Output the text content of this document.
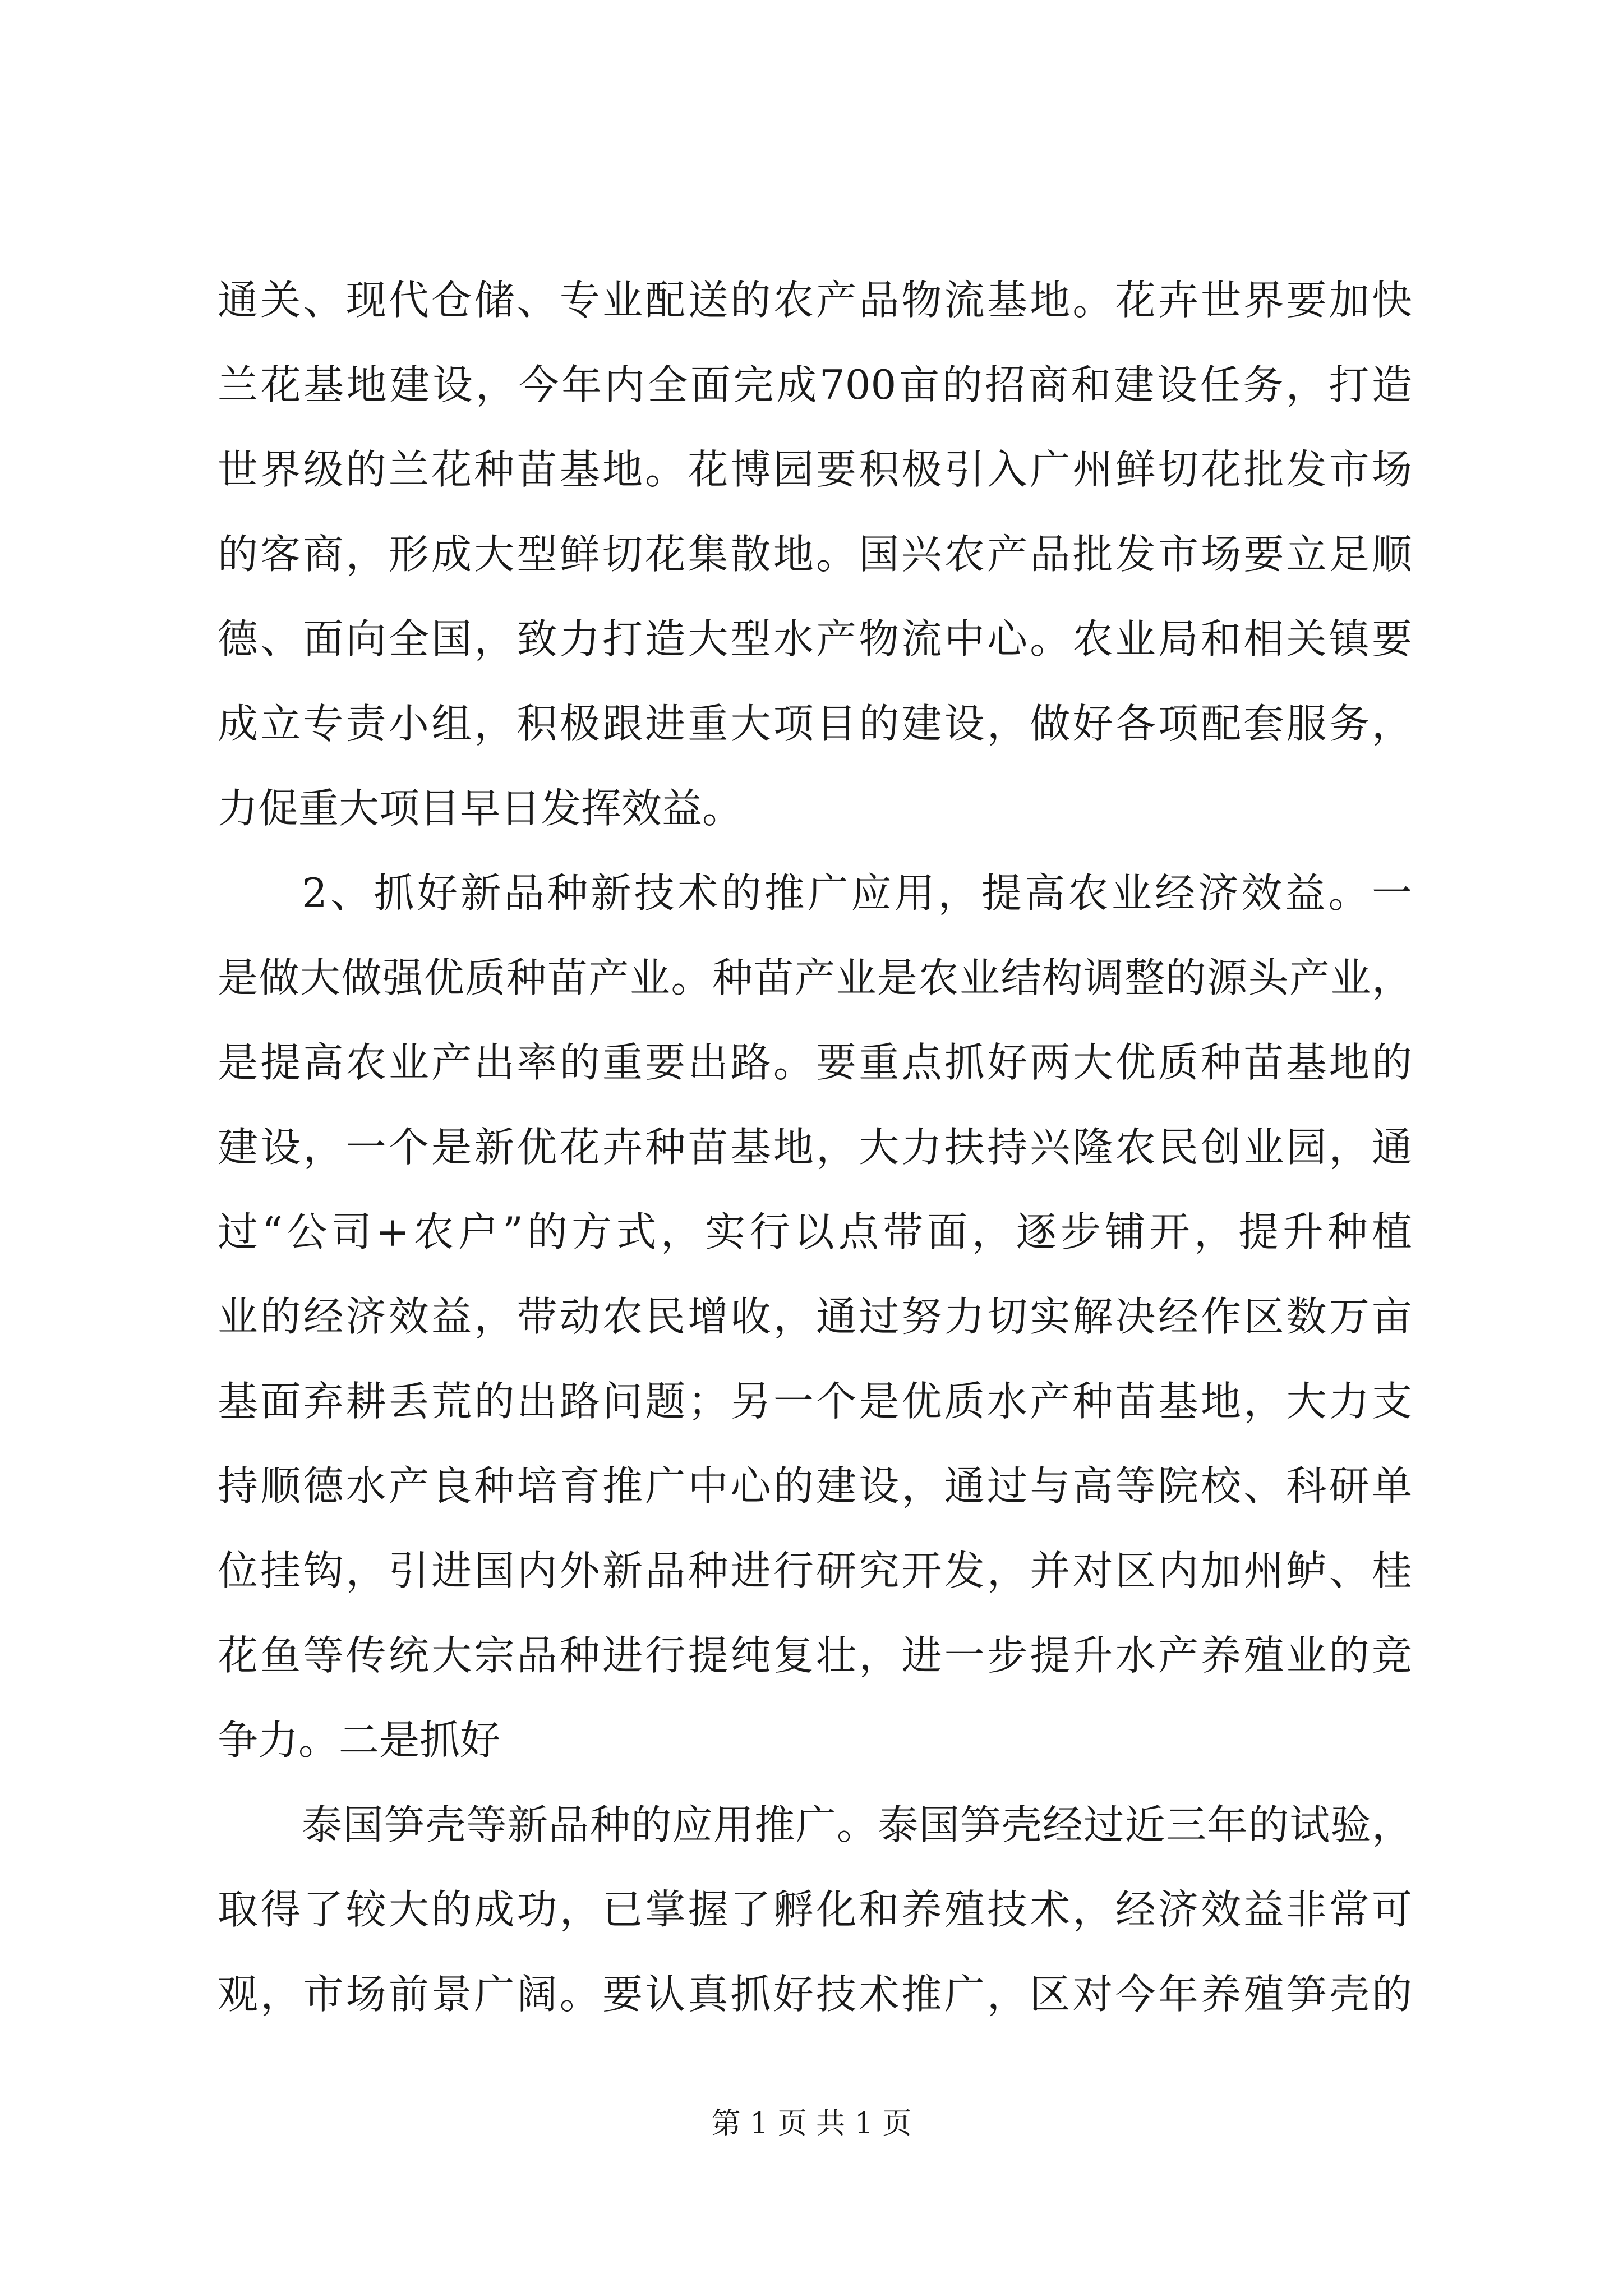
通关、现代仓储、专业配送的农产品物流基地。花卉世界要加快
兰花基地建设，今年内全面完成700亩的招商和建设任务，打造
世界级的兰花种苗基地。花博园要积极引入广州鲜切花批发市场
的客商，形成大型鲜切花集散地。国兴农产品批发市场要立足顺
德、面向全国，致力打造大型水产物流中心。农业局和相关镇要
成立专责小组，积极跟进重大项目的建设，做好各项配套服务，
力促重大项目早日发挥效益。
2、抓好新品种新技术的推广应用，提高农业经济效益。一
是做大做强优质种苗产业。种苗产业是农业结构调整的源头产业，
是提高农业产出率的重要出路。要重点抓好两大优质种苗基地的
建设，一个是新优花卉种苗基地，大力扶持兴隆农民创业园，通
过“公司+农户”的方式，实行以点带面，逐步铺开，提升种植
业的经济效益，带动农民增收，通过努力切实解决经作区数万亩
基面弃耕丢荒的出路问题；另一个是优质水产种苗基地，大力支
持顺德水产良种培育推广中心的建设，通过与高等院校、科研单
位挂钩，引进国内外新品种进行研究开发，并对区内加州鲈、桂
花鱼等传统大宗品种进行提纯复壮，进一步提升水产养殖业的竞
争力。二是抓好
泰国笋壳等新品种的应用推广。泰国笋壳经过近三年的试验，
取得了较大的成功，已掌握了孵化和养殖技术，经济效益非常可
观，市场前景广阔。要认真抓好技术推广，区对今年养殖笋壳的
第 1 页 共 1 页
